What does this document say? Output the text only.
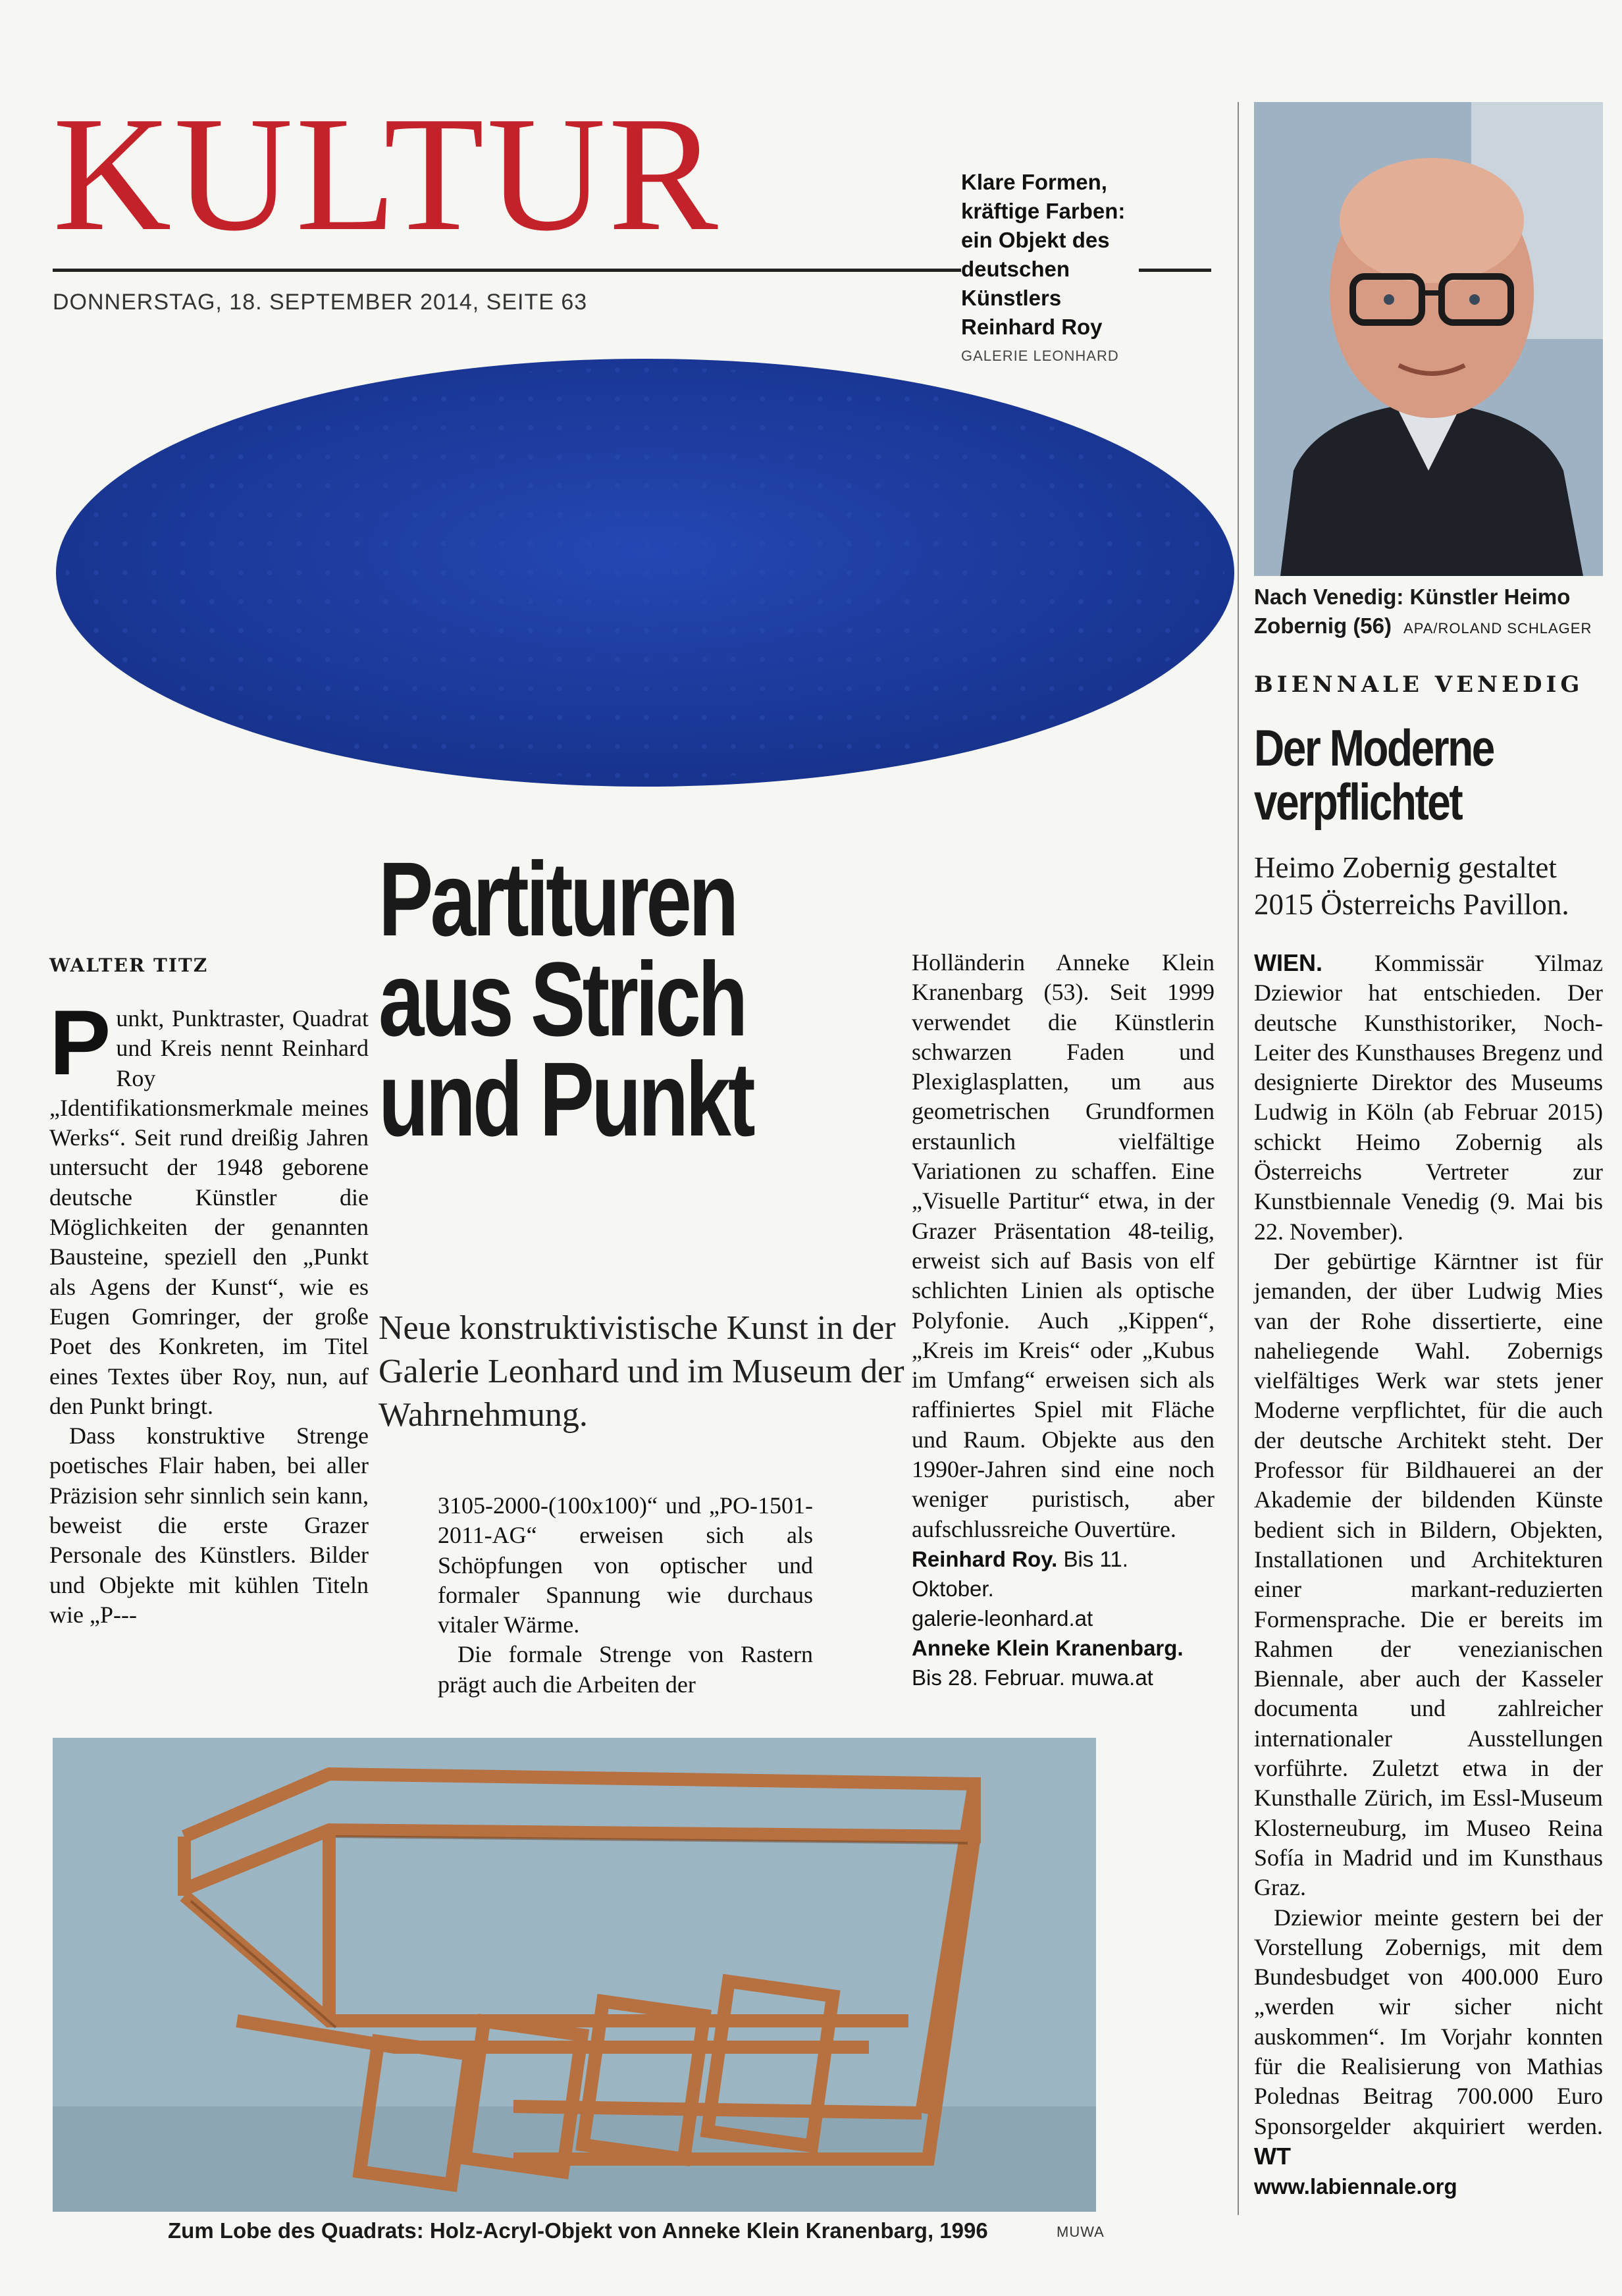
KULTUR
DONNERSTAG, 18. SEPTEMBER 2014, SEITE 63
Klare Formen,
kräftige Farben:
ein Objekt des
deutschen
Künstlers
Reinhard Roy
GALERIE LEONHARD
Nach Venedig: Künstler Heimo Zobernig (56) APA/ROLAND SCHLAGER
BIENNALE VENEDIG
Der Moderne
verpflichtet
Heimo Zobernig gestaltet 2015 Österreichs Pavillon.

WIEN. Kommissär Yilmaz Dziewior hat entschieden. Der deutsche Kunsthistoriker, Noch-Leiter des Kunsthauses Bregenz und designierte Direktor des Museums Ludwig in Köln (ab Februar 2015) schickt Heimo Zobernig als Österreichs Vertreter zur Kunstbiennale Venedig (9. Mai bis 22. November).

Der gebürtige Kärntner ist für jemanden, der über Ludwig Mies van der Rohe dissertierte, eine naheliegende Wahl. Zobernigs vielfältiges Werk war stets jener Moderne verpflichtet, für die auch der deutsche Architekt steht. Der Professor für Bildhauerei an der Akademie der bildenden Künste bedient sich in Bildern, Objekten, Installationen und Architekturen einer markant-reduzierten Formensprache. Die er bereits im Rahmen der venezianischen Biennale, aber auch der Kasseler documenta und zahlreicher internationaler Ausstellungen vorführte. Zuletzt etwa in der Kunsthalle Zürich, im Essl-Museum Klosterneuburg, im Museo Reina Sofía in Madrid und im Kunsthaus Graz.

Dziewior meinte gestern bei der Vorstellung Zobernigs, mit dem Bundesbudget von 400.000 Euro „werden wir sicher nicht auskommen“. Im Vorjahr konnten für die Realisierung von Mathias Polednas Beitrag 700.000 Euro Sponsorgelder akquiriert werden. WT

www.labiennale.org
Partituren
aus Strich
und Punkt
Neue konstruktivistische Kunst in der Galerie Leonhard und im Museum der Wahrnehmung.
WALTER TITZ

Punkt, Punktraster, Quadrat und Kreis nennt Reinhard Roy „Identifikationsmerkmale meines Werks“. Seit rund dreißig Jahren untersucht der 1948 geborene deutsche Künstler die Möglichkeiten der genannten Bausteine, speziell den „Punkt als Agens der Kunst“, wie es Eugen Gomringer, der große Poet des Konkreten, im Titel eines Textes über Roy, nun, auf den Punkt bringt.

Dass konstruktive Strenge poetisches Flair haben, bei aller Präzision sehr sinnlich sein kann, beweist die erste Grazer Personale des Künstlers. Bilder und Objekte mit kühlen Titeln wie „P---

3105-2000-(100x100)“ und „PO-1501-2011-AG“ erweisen sich als Schöpfungen von optischer und formaler Spannung wie durchaus vitaler Wärme.

Die formale Strenge von Rastern prägt auch die Arbeiten der

Holländerin Anneke Klein Kranenbarg (53). Seit 1999 verwendet die Künstlerin schwarzen Faden und Plexiglasplatten, um aus geometrischen Grundformen erstaunlich vielfältige Variationen zu schaffen. Eine „Visuelle Partitur“ etwa, in der Grazer Präsentation 48-teilig, erweist sich auf Basis von elf schlichten Linien als optische Polyfonie. Auch „Kippen“, „Kreis im Kreis“ oder „Kubus im Umfang“ erweisen sich als raffiniertes Spiel mit Fläche und Raum. Objekte aus den 1990er-Jahren sind eine noch weniger puristisch, aber aufschlussreiche Ouvertüre.

Reinhard Roy. Bis 11. Oktober.
galerie-leonhard.at
Anneke Klein Kranenbarg.
Bis 28. Februar. muwa.at
Zum Lobe des Quadrats: Holz-Acryl-Objekt von Anneke Klein Kranenbarg, 1996	MUWA
